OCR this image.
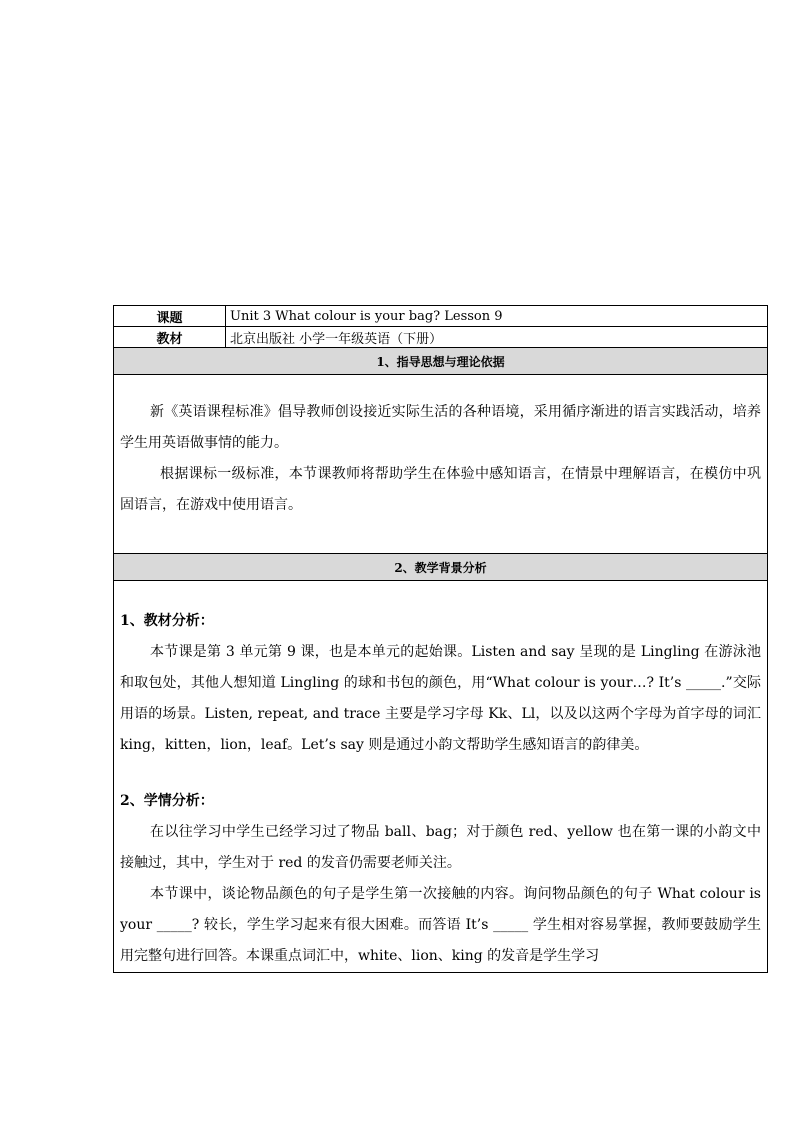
课题	Unit 3 What colour is your bag? Lesson 9
教材	北京出版社 小学一年级英语（下册）
1、指导思想与理论依据	

新《英语课程标准》倡导教师创设接近实际生活的各种语境，采用循序渐进的语言实践活动，培养学生用英语做事情的能力。

根据课标一级标准，本节课教师将帮助学生在体验中感知语言，在情景中理解语言，在模仿中巩固语言，在游戏中使用语言。	

2、教学背景分析	

1、教材分析：

本节课是第 3 单元第 9 课，也是本单元的起始课。Listen and say 呈现的是 Lingling 在游泳池和取包处，其他人想知道 Lingling 的球和书包的颜色，用“What colour is your…? It’s _____.”交际用语的场景。Listen, repeat, and trace 主要是学习字母 Kk、Ll，以及以这两个字母为首字母的词汇 king，kitten，lion，leaf。Let’s say 则是通过小韵文帮助学生感知语言的韵律美。

2、学情分析：

在以往学习中学生已经学习过了物品 ball、bag；对于颜色 red、yellow 也在第一课的小韵文中接触过，其中，学生对于 red 的发音仍需要老师关注。

本节课中，谈论物品颜色的句子是学生第一次接触的内容。询问物品颜色的句子 What colour is your _____? 较长，学生学习起来有很大困难。而答语 It’s _____ 学生相对容易掌握，教师要鼓励学生用完整句进行回答。本课重点词汇中，white、lion、king 的发音是学生学习	
